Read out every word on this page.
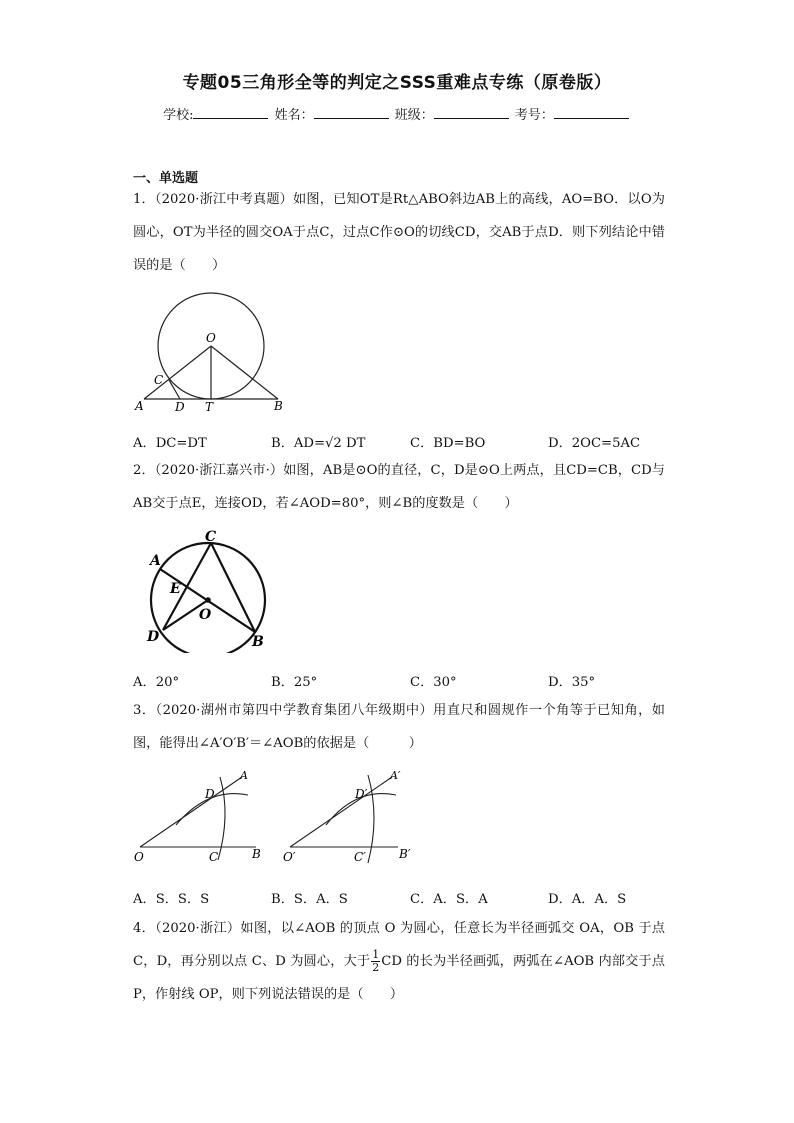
专题05三角形全等的判定之SSS重难点专练（原卷版）
学校:	姓名：	班级：	考号：
一、单选题
1．（2020·浙江中考真题）如图，已知OT是Rt△ABO斜边AB上的高线，AO=BO．以O为圆心，OT为半径的圆交OA于点C，过点C作⊙O的切线CD，交AB于点D．则下列结论中错误的是（　　）
O
C
A	D T	B
A．DC=DT	B．AD=√2 DT	C．BD=BO	D．2OC=5AC
2．（2020·浙江嘉兴市·）如图，AB是⊙O的直径，C，D是⊙O上两点，且CD=CB，CD与AB交于点E，连接OD，若∠AOD=80°，则∠B的度数是（　　）
C
A
E
O
D	B
A．20°	B．25°	C．30°	D．35°
3．（2020·湖州市第四中学教育集团八年级期中）用直尺和圆规作一个角等于已知角，如图，能得出∠A′O′B′＝∠AOB的依据是（　　　）
O
A
D
C	B O′
A′
D′
C′	B′
A．S．S．S	B．S．A．S	C．A．S．A	D．A．A．S
4．（2020·浙江）如图，以∠AOB 的顶点 O 为圆心，任意长为半径画弧交 OA，OB 于点C，D，再分别以点 C、D 为圆心，大于 $\frac{1}{2}$ CD 的长为半径画弧，两弧在∠AOB 内部交于点 P，作射线 OP，则下列说法错误的是（　　）
